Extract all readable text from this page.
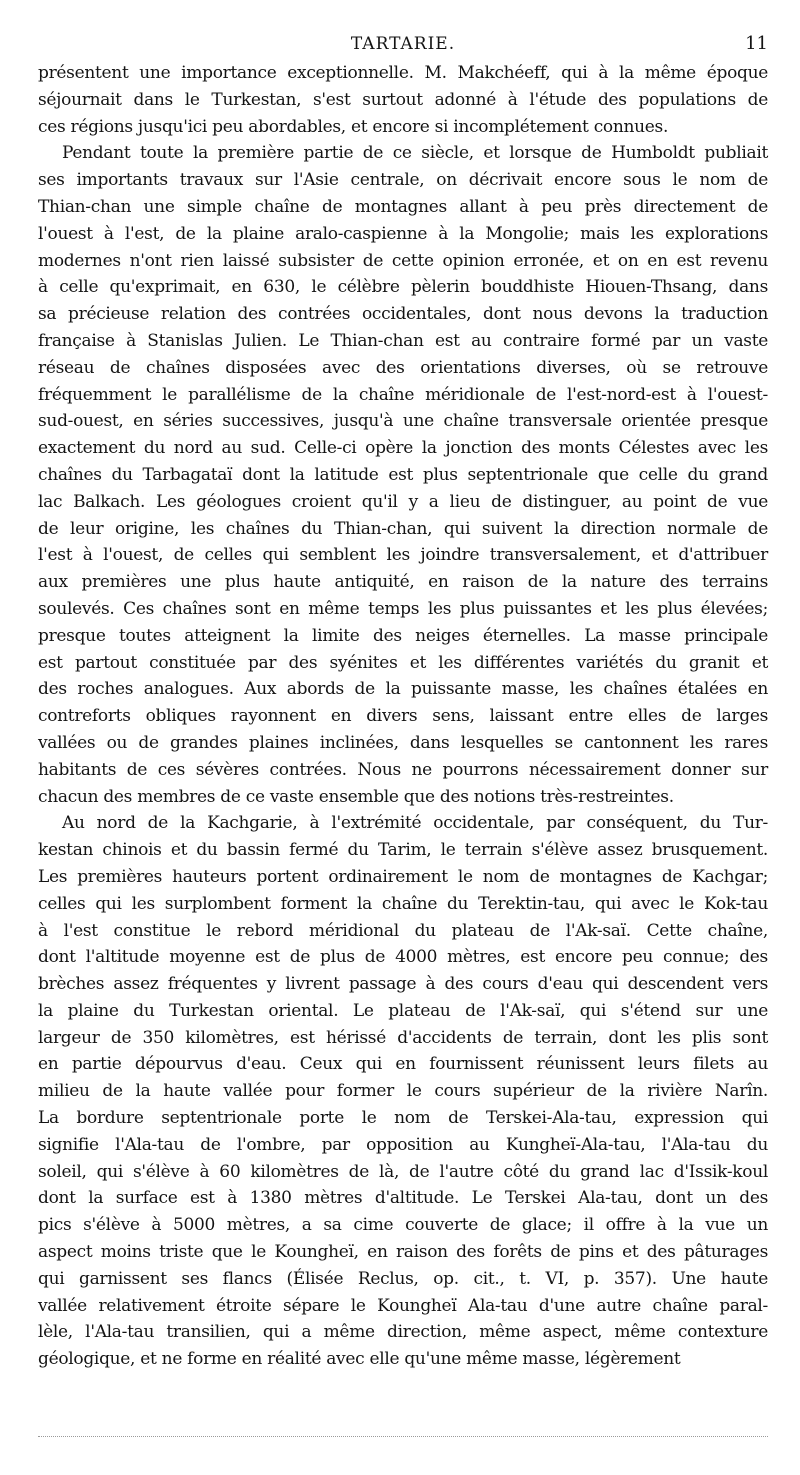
TARTARIE.	11
présentent une importance exceptionnelle. M. Makchéeff, qui à la même époque
séjournait dans le Turkestan, s'est surtout adonné à l'étude des populations de
ces régions jusqu'ici peu abordables, et encore si incomplétement connues.
Pendant toute la première partie de ce siècle, et lorsque de Humboldt publiait
ses importants travaux sur l'Asie centrale, on décrivait encore sous le nom de
Thian-chan une simple chaîne de montagnes allant à peu près directement de
l'ouest à l'est, de la plaine aralo-caspienne à la Mongolie; mais les explorations
modernes n'ont rien laissé subsister de cette opinion erronée, et on en est revenu
à celle qu'exprimait, en 630, le célèbre pèlerin bouddhiste Hiouen-Thsang, dans
sa précieuse relation des contrées occidentales, dont nous devons la traduction
française à Stanislas Julien. Le Thian-chan est au contraire formé par un vaste
réseau de chaînes disposées avec des orientations diverses, où se retrouve
fréquemment le parallélisme de la chaîne méridionale de l'est-nord-est à l'ouest-
sud-ouest, en séries successives, jusqu'à une chaîne transversale orientée presque
exactement du nord au sud. Celle-ci opère la jonction des monts Célestes avec les
chaînes du Tarbagataï dont la latitude est plus septentrionale que celle du grand
lac Balkach. Les géologues croient qu'il y a lieu de distinguer, au point de vue
de leur origine, les chaînes du Thian-chan, qui suivent la direction normale de
l'est à l'ouest, de celles qui semblent les joindre transversalement, et d'attribuer
aux premières une plus haute antiquité, en raison de la nature des terrains
soulevés. Ces chaînes sont en même temps les plus puissantes et les plus élevées;
presque toutes atteignent la limite des neiges éternelles. La masse principale
est partout constituée par des syénites et les différentes variétés du granit et
des roches analogues. Aux abords de la puissante masse, les chaînes étalées en
contreforts obliques rayonnent en divers sens, laissant entre elles de larges
vallées ou de grandes plaines inclinées, dans lesquelles se cantonnent les rares
habitants de ces sévères contrées. Nous ne pourrons nécessairement donner sur
chacun des membres de ce vaste ensemble que des notions très-restreintes.
Au nord de la Kachgarie, à l'extrémité occidentale, par conséquent, du Tur-
kestan chinois et du bassin fermé du Tarim, le terrain s'élève assez brusquement.
Les premières hauteurs portent ordinairement le nom de montagnes de Kachgar;
celles qui les surplombent forment la chaîne du Terektin-tau, qui avec le Kok-tau
à l'est constitue le rebord méridional du plateau de l'Ak-saï. Cette chaîne,
dont l'altitude moyenne est de plus de 4000 mètres, est encore peu connue; des
brèches assez fréquentes y livrent passage à des cours d'eau qui descendent vers
la plaine du Turkestan oriental. Le plateau de l'Ak-saï, qui s'étend sur une
largeur de 350 kilomètres, est hérissé d'accidents de terrain, dont les plis sont
en partie dépourvus d'eau. Ceux qui en fournissent réunissent leurs filets au
milieu de la haute vallée pour former le cours supérieur de la rivière Narîn.
La bordure septentrionale porte le nom de Terskei-Ala-tau, expression qui
signifie l'Ala-tau de l'ombre, par opposition au Kungheï-Ala-tau, l'Ala-tau du
soleil, qui s'élève à 60 kilomètres de là, de l'autre côté du grand lac d'Issik-koul
dont la surface est à 1380 mètres d'altitude. Le Terskei Ala-tau, dont un des
pics s'élève à 5000 mètres, a sa cime couverte de glace; il offre à la vue un
aspect moins triste que le Koungheï, en raison des forêts de pins et des pâturages
qui garnissent ses flancs (Élisée Reclus, op. cit., t. VI, p. 357). Une haute
vallée relativement étroite sépare le Koungheï Ala-tau d'une autre chaîne paral-
lèle, l'Ala-tau transilien, qui a même direction, même aspect, même contexture
géologique, et ne forme en réalité avec elle qu'une même masse, légèrement
